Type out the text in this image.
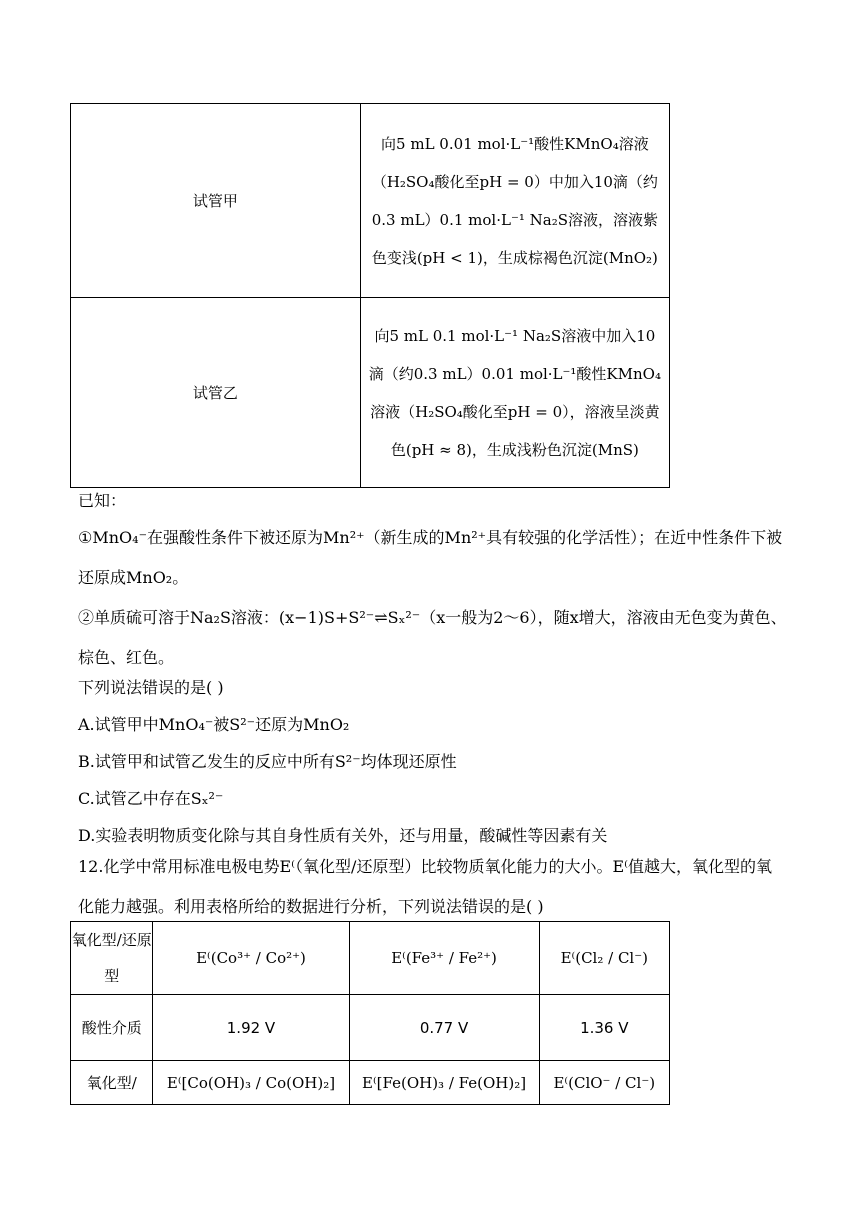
试管甲	向5 mL 0.01 mol·L⁻¹酸性KMnO₄溶液（H₂SO₄酸化至pH = 0）中加入10滴（约0.3 mL）0.1 mol·L⁻¹ Na₂S溶液，溶液紫色变浅(pH < 1)，生成棕褐色沉淀(MnO₂)
试管乙	向5 mL 0.1 mol·L⁻¹ Na₂S溶液中加入10滴（约0.3 mL）0.01 mol·L⁻¹酸性KMnO₄溶液（H₂SO₄酸化至pH = 0），溶液呈淡黄色(pH ≈ 8)，生成浅粉色沉淀(MnS)
已知：
①MnO₄⁻在强酸性条件下被还原为Mn²⁺（新生成的Mn²⁺具有较强的化学活性）；在近中性条件下被还原成MnO₂。
②单质硫可溶于Na₂S溶液：(x−1)S+S²⁻⇌Sₓ²⁻（x一般为2～6），随x增大，溶液由无色变为黄色、棕色、红色。
下列说法错误的是( )
A.试管甲中MnO₄⁻被S²⁻还原为MnO₂
B.试管甲和试管乙发生的反应中所有S²⁻均体现还原性
C.试管乙中存在Sₓ²⁻
D.实验表明物质变化除与其自身性质有关外，还与用量，酸碱性等因素有关
12.化学中常用标准电极电势E⁽（氧化型/还原型）比较物质氧化能力的大小。E⁽值越大，氧化型的氧化能力越强。利用表格所给的数据进行分析，下列说法错误的是( )
氧化型/还原型	E⁽(Co³⁺ / Co²⁺)	E⁽(Fe³⁺ / Fe²⁺)	E⁽(Cl₂ / Cl⁻)
酸性介质	1.92 V	0.77 V	1.36 V
氧化型/	E⁽[Co(OH)₃ / Co(OH)₂]	E⁽[Fe(OH)₃ / Fe(OH)₂]	E⁽(ClO⁻ / Cl⁻)
